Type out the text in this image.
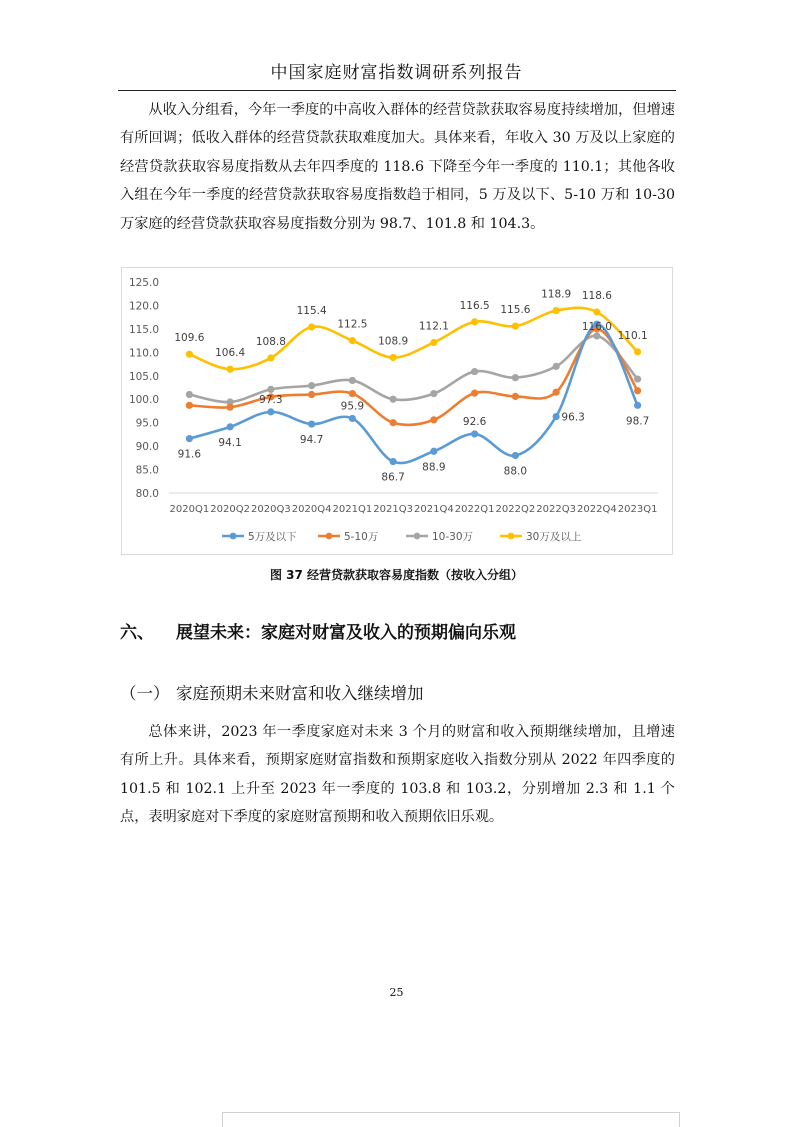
中国家庭财富指数调研系列报告

从收入分组看，今年一季度的中高收入群体的经营贷款获取容易度持续增加，但增速有所回调；低收入群体的经营贷款获取难度加大。具体来看，年收入 30 万及以上家庭的经营贷款获取容易度指数从去年四季度的 118.6 下降至今年一季度的 110.1；其他各收入组在今年一季度的经营贷款获取容易度指数趋于相同，5 万及以下、5-10 万和 10-30 万家庭的经营贷款获取容易度指数分别为 98.7、101.8 和 104.3。

80.0
85.0
90.0
95.0
100.0
105.0
110.0
115.0
120.0
125.0
2020Q1 2020Q2 2020Q3 2020Q4 2021Q1 2021Q3 2021Q4 2022Q1 2022Q2 2022Q3 2022Q4 2023Q1
91.6
94.1
97.3
94.7
95.9
86.7
88.9
92.6
88.0
96.3
116.0
98.7
109.6
106.4
108.8
115.4
112.5
108.9
112.1
116.5 115.6
118.9 118.6
110.1
5万及以下	5-10万	10-30万	30万及以上
图 37 经营贷款获取容易度指数（按收入分组）
六、 展望未来：家庭对财富及收入的预期偏向乐观
（一） 家庭预期未来财富和收入继续增加

总体来讲，2023 年一季度家庭对未来 3 个月的财富和收入预期继续增加，且增速有所上升。具体来看，预期家庭财富指数和预期家庭收入指数分别从 2022 年四季度的 101.5 和 102.1 上升至 2023 年一季度的 103.8 和 103.2，分别增加 2.3 和 1.1 个点，表明家庭对下季度的家庭财富预期和收入预期依旧乐观。

25
